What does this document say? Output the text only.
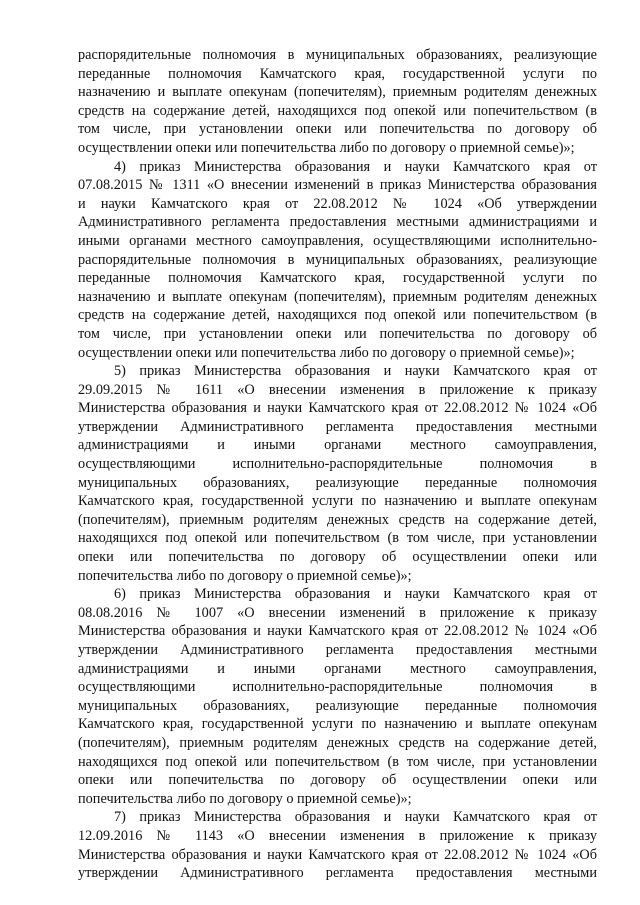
распорядительные полномочия в муниципальных образованиях, реализующие
переданные полномочия Камчатского края, государственной услуги по
назначению и выплате опекунам (попечителям), приемным родителям денежных
средств на содержание детей, находящихся под опекой или попечительством (в
том числе, при установлении опеки или попечительства по договору об
осуществлении опеки или попечительства либо по договору о приемной семье)»;
4) приказ Министерства образования и науки Камчатского края от
07.08.2015 № 1311 «О внесении изменений в приказ Министерства образования
и науки Камчатского края от 22.08.2012 № 1024 «Об утверждении
Административного регламента предоставления местными администрациями и
иными органами местного самоуправления, осуществляющими исполнительно-
распорядительные полномочия в муниципальных образованиях, реализующие
переданные полномочия Камчатского края, государственной услуги по
назначению и выплате опекунам (попечителям), приемным родителям денежных
средств на содержание детей, находящихся под опекой или попечительством (в
том числе, при установлении опеки или попечительства по договору об
осуществлении опеки или попечительства либо по договору о приемной семье)»;
5) приказ Министерства образования и науки Камчатского края от
29.09.2015 № 1611 «О внесении изменения в приложение к приказу
Министерства образования и науки Камчатского края от 22.08.2012 № 1024 «Об
утверждении Административного регламента предоставления местными
администрациями и иными органами местного самоуправления,
осуществляющими исполнительно-распорядительные полномочия в
муниципальных образованиях, реализующие переданные полномочия
Камчатского края, государственной услуги по назначению и выплате опекунам
(попечителям), приемным родителям денежных средств на содержание детей,
находящихся под опекой или попечительством (в том числе, при установлении
опеки или попечительства по договору об осуществлении опеки или
попечительства либо по договору о приемной семье)»;
6) приказ Министерства образования и науки Камчатского края от
08.08.2016 № 1007 «О внесении изменений в приложение к приказу
Министерства образования и науки Камчатского края от 22.08.2012 № 1024 «Об
утверждении Административного регламента предоставления местными
администрациями и иными органами местного самоуправления,
осуществляющими исполнительно-распорядительные полномочия в
муниципальных образованиях, реализующие переданные полномочия
Камчатского края, государственной услуги по назначению и выплате опекунам
(попечителям), приемным родителям денежных средств на содержание детей,
находящихся под опекой или попечительством (в том числе, при установлении
опеки или попечительства по договору об осуществлении опеки или
попечительства либо по договору о приемной семье)»;
7) приказ Министерства образования и науки Камчатского края от
12.09.2016 № 1143 «О внесении изменения в приложение к приказу
Министерства образования и науки Камчатского края от 22.08.2012 № 1024 «Об
утверждении Административного регламента предоставления местными
